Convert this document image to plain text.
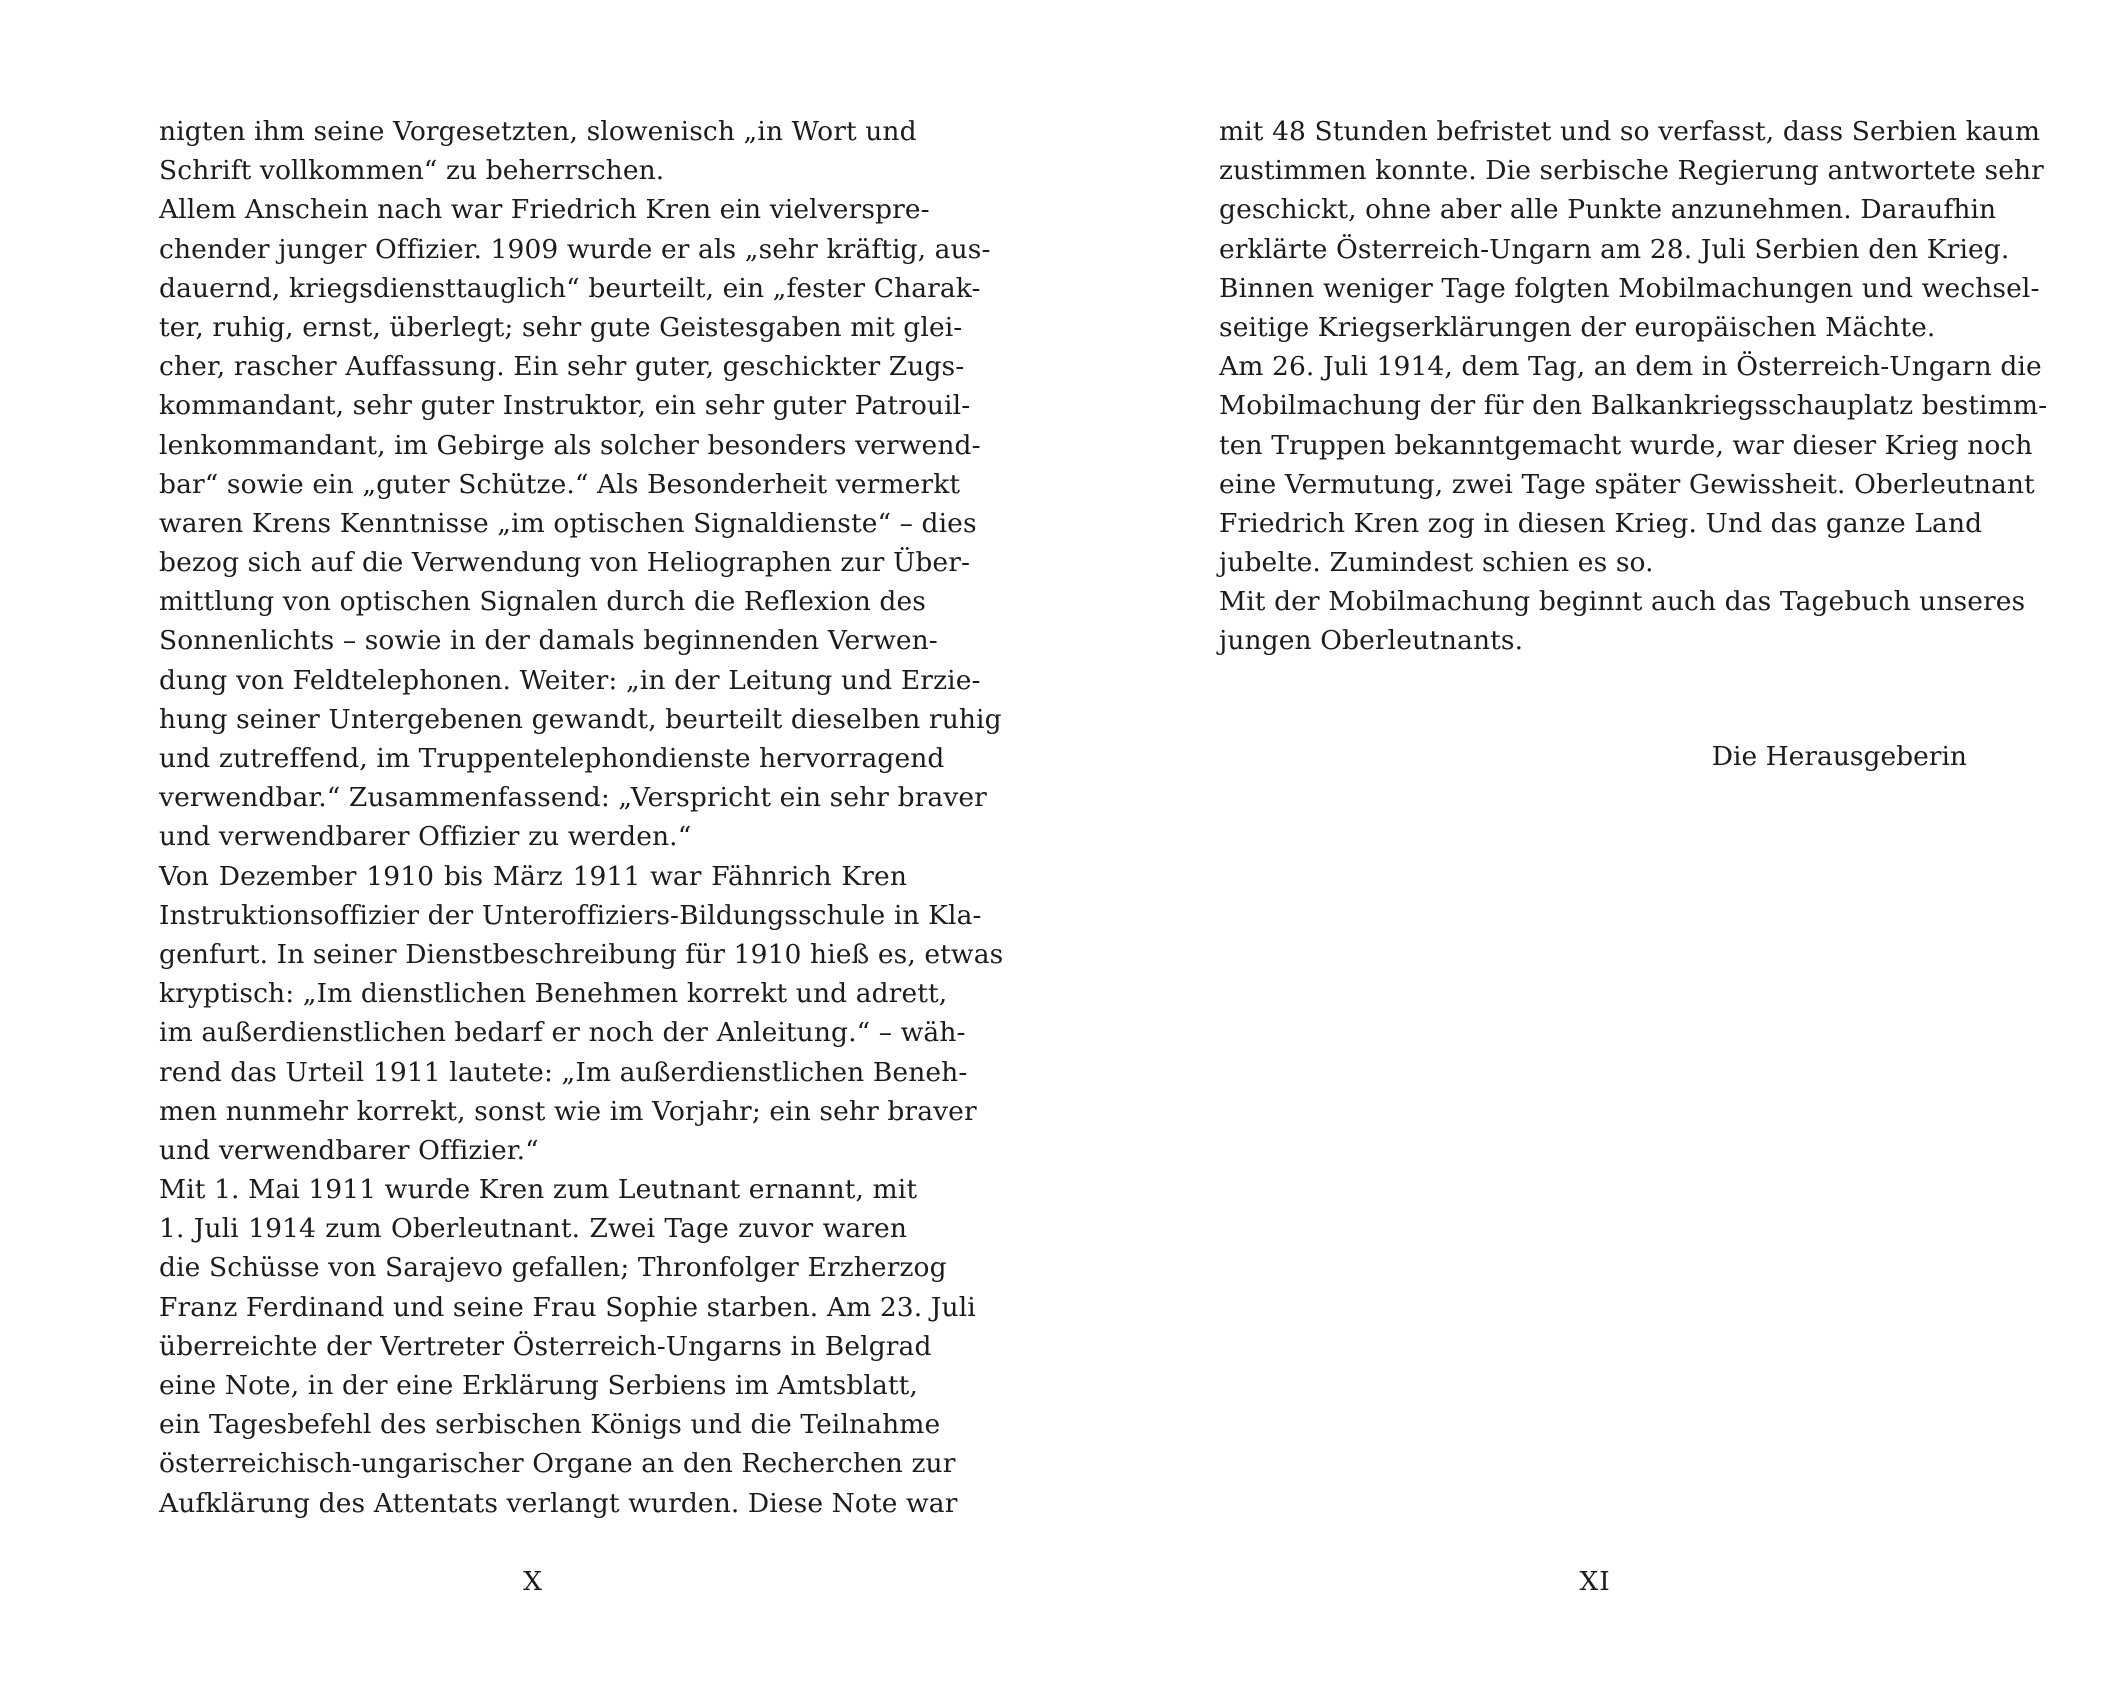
nigten ihm seine Vorgesetzten, slowenisch „in Wort und
Schrift vollkommen“ zu beherrschen.
Allem Anschein nach war Friedrich Kren ein vielverspre-
chender junger Offizier. 1909 wurde er als „sehr kräftig, aus-
dauernd, kriegsdiensttauglich“ beurteilt, ein „fester Charak-
ter, ruhig, ernst, überlegt; sehr gute Geistesgaben mit glei-
cher, rascher Auffassung. Ein sehr guter, geschickter Zugs-
kommandant, sehr guter Instruktor, ein sehr guter Patrouil-
lenkommandant, im Gebirge als solcher besonders verwend-
bar“ sowie ein „guter Schütze.“ Als Besonderheit vermerkt
waren Krens Kenntnisse „im optischen Signaldienste“ – dies
bezog sich auf die Verwendung von Heliographen zur Über-
mittlung von optischen Signalen durch die Reflexion des
Sonnenlichts – sowie in der damals beginnenden Verwen-
dung von Feldtelephonen. Weiter: „in der Leitung und Erzie-
hung seiner Untergebenen gewandt, beurteilt dieselben ruhig
und zutreffend, im Truppentelephondienste hervorragend
verwendbar.“ Zusammenfassend: „Verspricht ein sehr braver
und verwendbarer Offizier zu werden.“
Von Dezember 1910 bis März 1911 war Fähnrich Kren
Instruktionsoffizier der Unteroffiziers-Bildungsschule in Kla-
genfurt. In seiner Dienstbeschreibung für 1910 hieß es, etwas
kryptisch: „Im dienstlichen Benehmen korrekt und adrett,
im außerdienstlichen bedarf er noch der Anleitung.“ – wäh-
rend das Urteil 1911 lautete: „Im außerdienstlichen Beneh-
men nunmehr korrekt, sonst wie im Vorjahr; ein sehr braver
und verwendbarer Offizier.“
Mit 1. Mai 1911 wurde Kren zum Leutnant ernannt, mit
1. Juli 1914 zum Oberleutnant. Zwei Tage zuvor waren
die Schüsse von Sarajevo gefallen; Thronfolger Erzherzog
Franz Ferdinand und seine Frau Sophie starben. Am 23. Juli
überreichte der Vertreter Österreich-Ungarns in Belgrad
eine Note, in der eine Erklärung Serbiens im Amtsblatt,
ein Tagesbefehl des serbischen Königs und die Teilnahme
österreichisch-ungarischer Organe an den Recherchen zur
Aufklärung des Attentats verlangt wurden. Diese Note war
X
mit 48 Stunden befristet und so verfasst, dass Serbien kaum
zustimmen konnte. Die serbische Regierung antwortete sehr
geschickt, ohne aber alle Punkte anzunehmen. Daraufhin
erklärte Österreich-Ungarn am 28. Juli Serbien den Krieg.
Binnen weniger Tage folgten Mobilmachungen und wechsel-
seitige Kriegserklärungen der europäischen Mächte.
Am 26. Juli 1914, dem Tag, an dem in Österreich-Ungarn die
Mobilmachung der für den Balkankriegsschauplatz bestimm-
ten Truppen bekanntgemacht wurde, war dieser Krieg noch
eine Vermutung, zwei Tage später Gewissheit. Oberleutnant
Friedrich Kren zog in diesen Krieg. Und das ganze Land
jubelte. Zumindest schien es so.
Mit der Mobilmachung beginnt auch das Tagebuch unseres
jungen Oberleutnants.
Die Herausgeberin
XI
